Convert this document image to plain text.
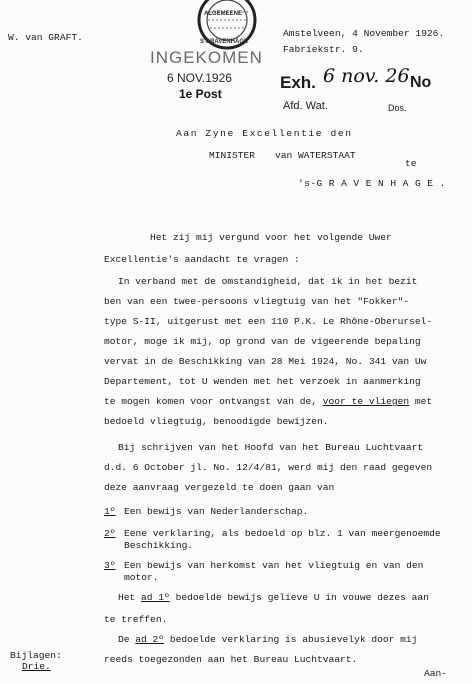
W. van GRAFT.
ALGEMEENE
S'GRAVENHAGE
INGEKOMEN
6 NOV.1926
1e Post
Amstelveen, 4 November 1926.
Fabriekstr. 9.
Exh. 6 nov. 26 No
Afd. Wat.	Dos.
Aan Zyne Excellentie den
MINISTER van WATERSTAAT
te
's-G R A V E N H A G E .
Het zij mij vergund voor het volgende Uwer
Excellentie's aandacht te vragen :
In verband met de omstandigheid, dat ik in het bezit
ben van een twee-persoons vliegtuig van het "Fokker"-
type S-II, uitgerust met een 110 P.K. Le Rhône-Oberursel-
motor, moge ik mij, op grond van de vigeerende bepaling
vervat in de Beschikking van 28 Mei 1924, No. 341 van Uw
Departement, tot U wenden met het verzoek in aanmerking
te mogen komen voor ontvangst van de, voor te vliegen met
bedoeld vliegtuig, benoodigde bewijzen.
Bij schrijven van het Hoofd van het Bureau Luchtvaart
d.d. 6 October jl. No. 12/4/81, werd mij den raad gegeven
deze aanvraag vergezeld te doen gaan van
1º Een bewijs van Nederlanderschap.
2º Eene verklaring, als bedoeld op blz. 1 van meergenoemde
Beschikking.
3º Een bewijs van herkomst van het vliegtuig en van den
motor.
Het ad 1º bedoelde bewijs gelieve U in vouwe dezes aan
te treffen.
De ad 2º bedoelde verklaring is abusievelyk door mij
reeds toegezonden aan het Bureau Luchtvaart.
Bijlagen:
Drie.
Aan-
